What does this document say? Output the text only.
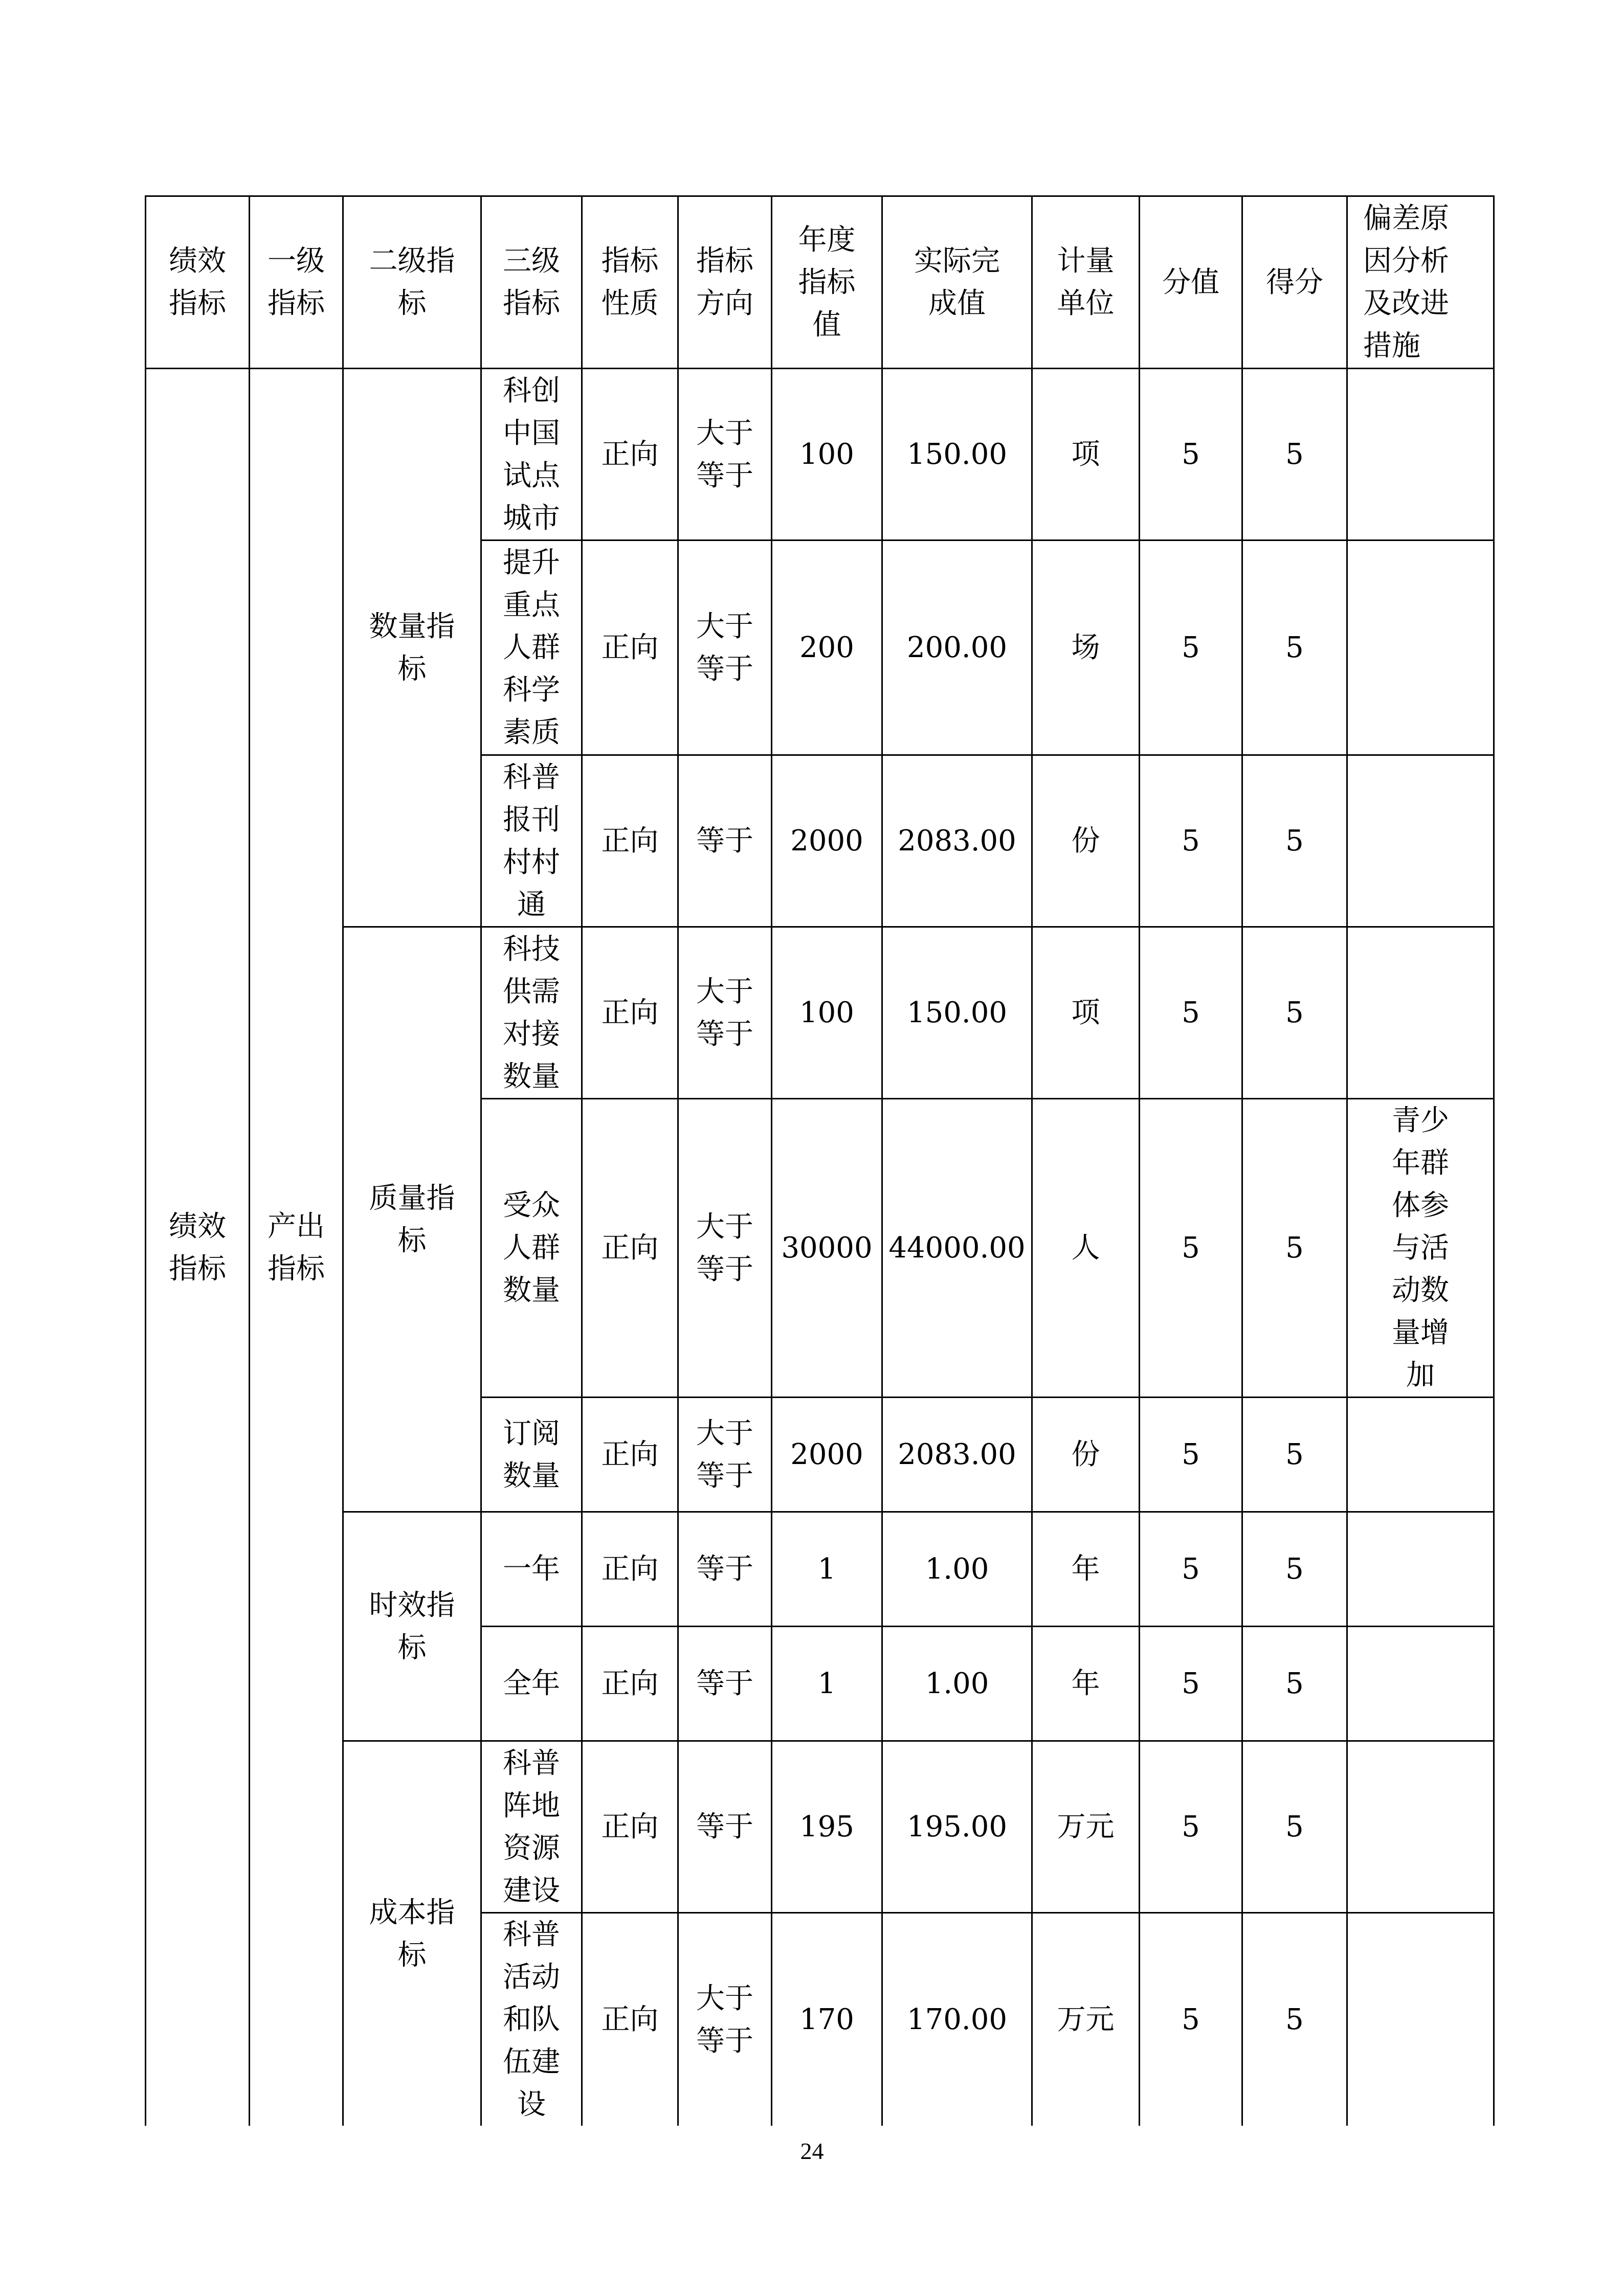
绩效指标	一级指标	二级指标	三级指标	指标性质	指标方向	年度指标值	实际完成值	计量单位	分值	得分	偏差原因分析及改进措施

绩效指标	产出指标	数量指标	科创中国试点城市	正向	大于等于	100	150.00	项	5	5	

			提升重点人群科学素质	正向	大于等于	200	200.00	场	5	5	

			科普报刊村村通	正向	等于	2000	2083.00	份	5	5	

		质量指标	科技供需对接数量	正向	大于等于	100	150.00	项	5	5	

			受众人群数量	正向	大于等于	30000	44000.00	人	5	5	青少年群体参与活动数量增加

			订阅数量	正向	大于等于	2000	2083.00	份	5	5	

		时效指标	一年	正向	等于	1	1.00	年	5	5	

			全年	正向	等于	1	1.00	年	5	5	

		成本指标	科普阵地资源建设	正向	等于	195	195.00	万元	5	5	

			科普活动和队伍建设	正向	大于等于	170	170.00	万元	5	5	
24
